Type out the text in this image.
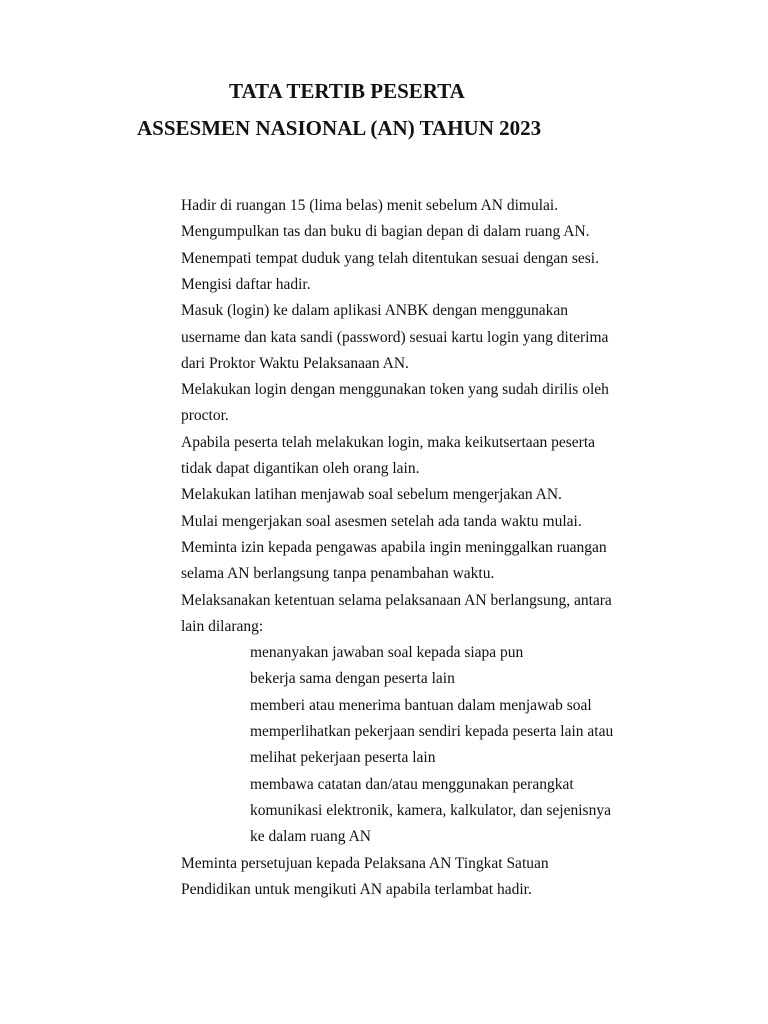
TATA TERTIB PESERTA
ASSESMEN NASIONAL (AN) TAHUN 2023
Hadir di ruangan 15 (lima belas) menit sebelum AN dimulai.
Mengumpulkan tas dan buku di bagian depan di dalam ruang AN.
Menempati tempat duduk yang telah ditentukan sesuai dengan sesi.
Mengisi daftar hadir.
Masuk (login) ke dalam aplikasi ANBK dengan menggunakan
username dan kata sandi (password) sesuai kartu login yang diterima
dari Proktor Waktu Pelaksanaan AN.
Melakukan login dengan menggunakan token yang sudah dirilis oleh
proctor.
Apabila peserta telah melakukan login, maka keikutsertaan peserta
tidak dapat digantikan oleh orang lain.
Melakukan latihan menjawab soal sebelum mengerjakan AN.
Mulai mengerjakan soal asesmen setelah ada tanda waktu mulai.
Meminta izin kepada pengawas apabila ingin meninggalkan ruangan
selama AN berlangsung tanpa penambahan waktu.
Melaksanakan ketentuan selama pelaksanaan AN berlangsung, antara
lain dilarang:
menanyakan jawaban soal kepada siapa pun
bekerja sama dengan peserta lain
memberi atau menerima bantuan dalam menjawab soal
memperlihatkan pekerjaan sendiri kepada peserta lain atau
melihat pekerjaan peserta lain
membawa catatan dan/atau menggunakan perangkat
komunikasi elektronik, kamera, kalkulator, dan sejenisnya
ke dalam ruang AN
Meminta persetujuan kepada Pelaksana AN Tingkat Satuan
Pendidikan untuk mengikuti AN apabila terlambat hadir.
